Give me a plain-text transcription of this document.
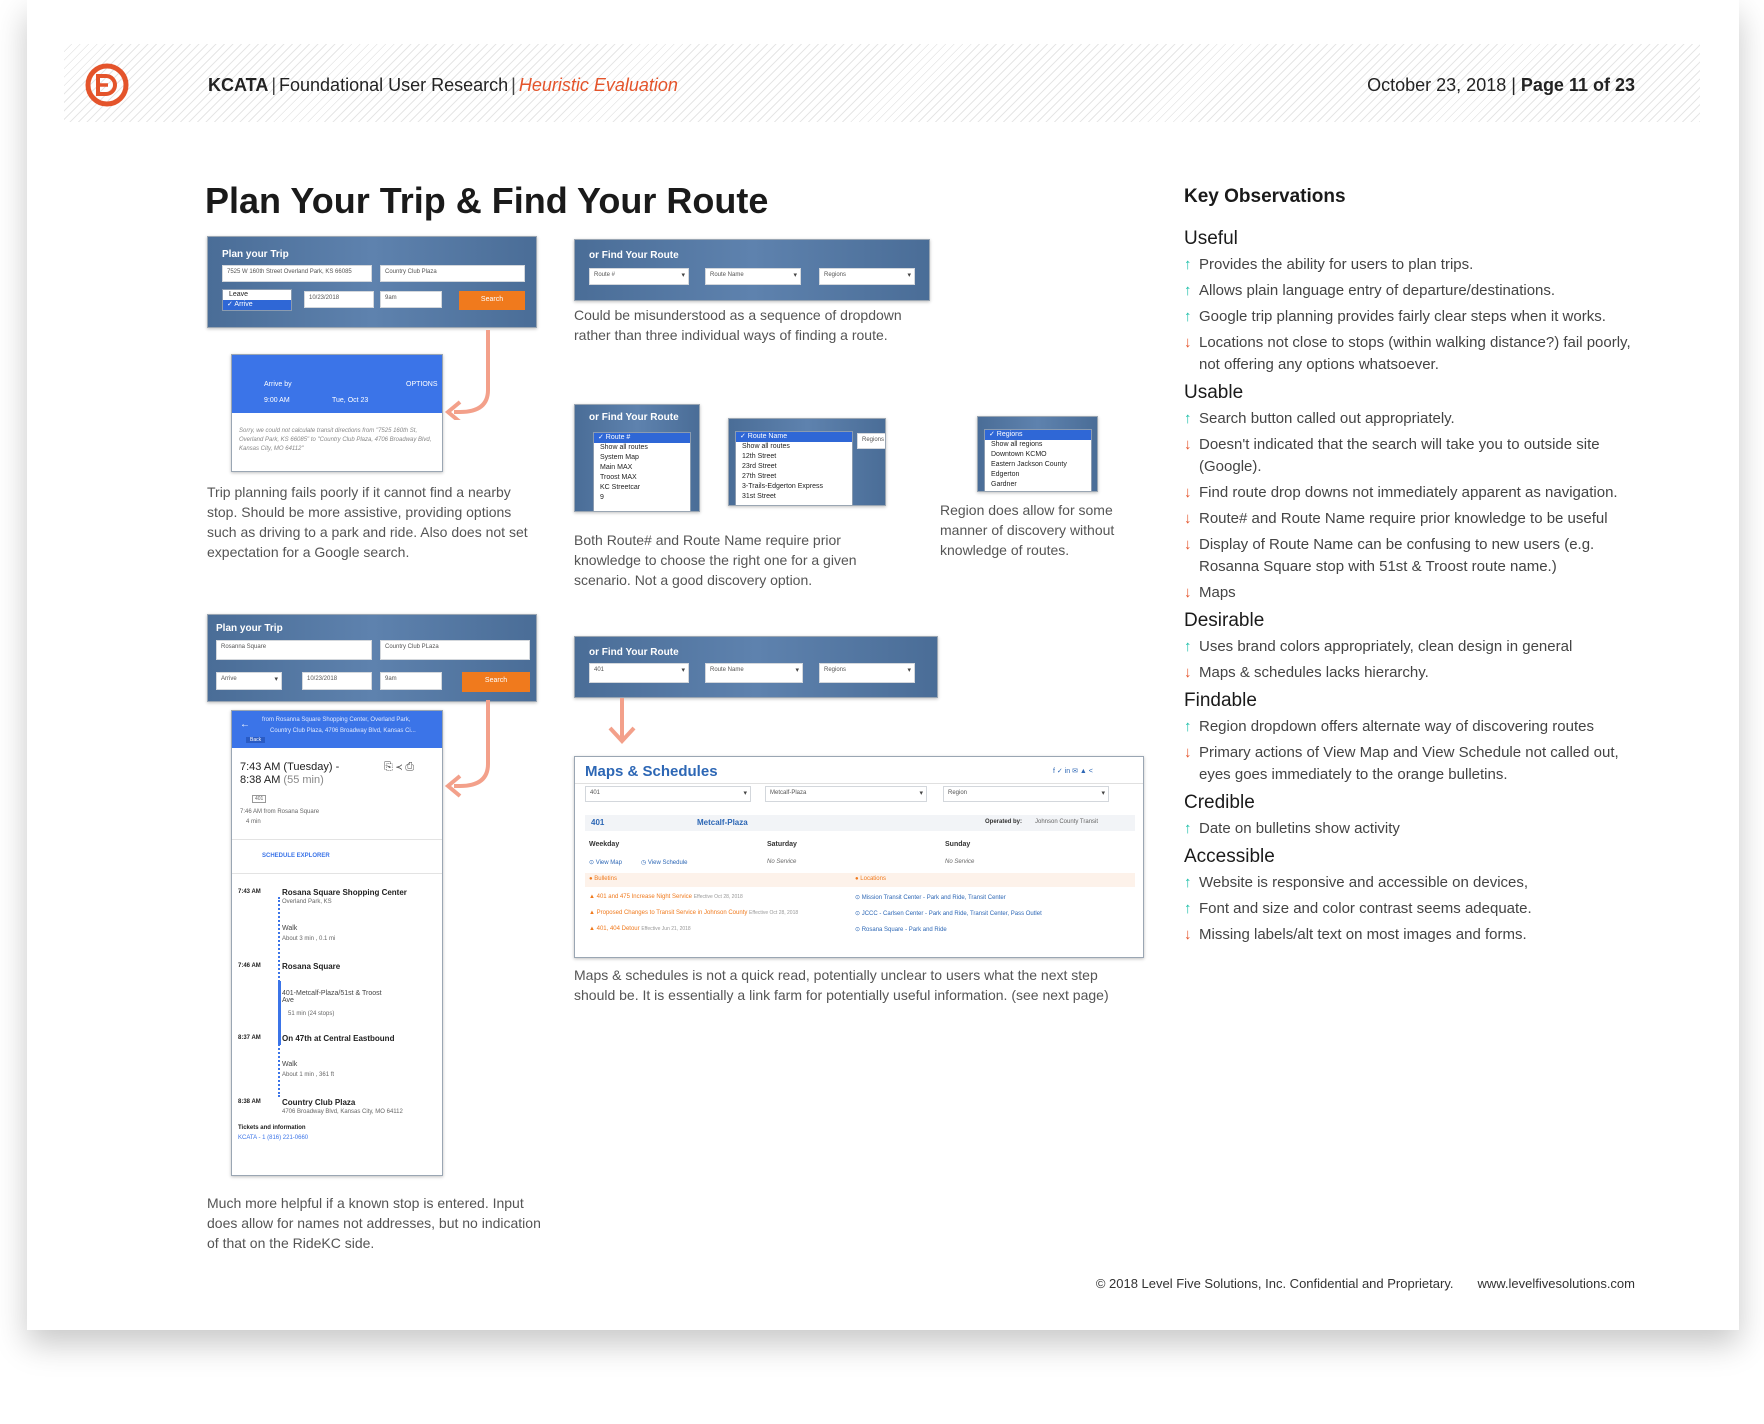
KCATA | Foundational User Research | Heuristic Evaluation	October 23, 2018 | Page 11 of 23
Plan Your Trip & Find Your Route
Plan your Trip
7525 W 160th Street Overland Park, KS 66085	Country Club Plaza
Leave
✓ Arrive
10/23/2018	9am	Search
Arrive by	OPTIONS
9:00 AM	Tue, Oct 23
Sorry, we could not calculate transit directions from "7525 160th St, Overland Park, KS 66085" to "Country Club Plaza, 4706 Broadway Blvd, Kansas City, MO 64112"
Trip planning fails poorly if it cannot find a nearby stop. Should be more assistive, providing options such as driving to a park and ride. Also does not set expectation for a Google search.
or Find Your Route
Route # ▾	Route Name ▾	Regions ▾
Could be misunderstood as a sequence of dropdown rather than three individual ways of finding a route.
or Find Your Route
✓ Route #
Show all routes
System Map
Main MAX
Troost MAX
KC Streetcar
9
✓ Route Name
Show all routes
12th Street
23rd Street
27th Street
3-Trails-Edgerton Express
31st Street
Regions
✓ Regions
Show all regions
Downtown KCMO
Eastern Jackson County
Edgerton
Gardner
Both Route# and Route Name require prior knowledge to choose the right one for a given scenario. Not a good discovery option.
Region does allow for some manner of discovery without knowledge of routes.
Plan your Trip
Rosanna Square	Country Club PLaza
Arrive ▾	10/23/2018	9am	Search
← from Rosanna Square Shopping Center, Overland Park,
Country Club Plaza, 4706 Broadway Blvd, Kansas Ci...
Back
7:43 AM (Tuesday) - 8:38 AM (55 min)
⎘ ≺ ⎙
401
7:46 AM from Rosana Square
4 min
SCHEDULE EXPLORER
7:43 AM	Rosana Square Shopping Center
Overland Park, KS
Walk
About 3 min , 0.1 mi
7:46 AM	Rosana Square
401-Metcalf-Plaza/51st & Troost Ave
51 min (24 stops)
8:37 AM	On 47th at Central Eastbound
Walk
About 1 min , 361 ft
8:38 AM	Country Club Plaza
4706 Broadway Blvd, Kansas City, MO 64112
Tickets and information
KCATA - 1 (816) 221-0660
Much more helpful if a known stop is entered. Input does allow for names not addresses, but no indication of that on the RideKC side.
or Find Your Route
401 ▾	Route Name ▾	Regions ▾
Maps & Schedules	f ✓ in ✉ ▲ <
401 ▾	Metcalf-Plaza ▾	Region ▾
401	Metcalf-Plaza	Operated by: Johnson County Transit
Weekday	Saturday	Sunday
⊙ View Map	◷ View Schedule	No Service	No Service
● Bulletins	● Locations
▲ 401 and 475 Increase Night Service Effective Oct 28, 2018
▲ Proposed Changes to Transit Service in Johnson County Effective Oct 28, 2018
▲ 401, 404 Detour Effective Jun 21, 2018
⊙ Mission Transit Center - Park and Ride, Transit Center
⊙ JCCC - Carlsen Center - Park and Ride, Transit Center, Pass Outlet
⊙ Rosana Square - Park and Ride
Maps & schedules is not a quick read, potentially unclear to users what the next step should be. It is essentially a link farm for potentially useful information. (see next page)
Key Observations
Useful
↑ Provides the ability for users to plan trips.
↑ Allows plain language entry of departure/destinations.
↑ Google trip planning provides fairly clear steps when it works.
↓ Locations not close to stops (within walking distance?) fail poorly, not offering any options whatsoever.
Usable
↑ Search button called out appropriately.
↓ Doesn't indicated that the search will take you to outside site (Google).
↓ Find route drop downs not immediately apparent as navigation.
↓ Route# and Route Name require prior knowledge to be useful
↓ Display of Route Name can be confusing to new users (e.g. Rosanna Square stop with 51st & Troost route name.)
↓ Maps
Desirable
↑ Uses brand colors appropriately, clean design in general
↓ Maps & schedules lacks hierarchy.
Findable
↑ Region dropdown offers alternate way of discovering routes
↓ Primary actions of View Map and View Schedule not called out, eyes goes immediately to the orange bulletins.
Credible
↑ Date on bulletins show activity
Accessible
↑ Website is responsive and accessible on devices,
↑ Font and size and color contrast seems adequate.
↓ Missing labels/alt text on most images and forms.
© 2018 Level Five Solutions, Inc. Confidential and Proprietary. www.levelfivesolutions.com
